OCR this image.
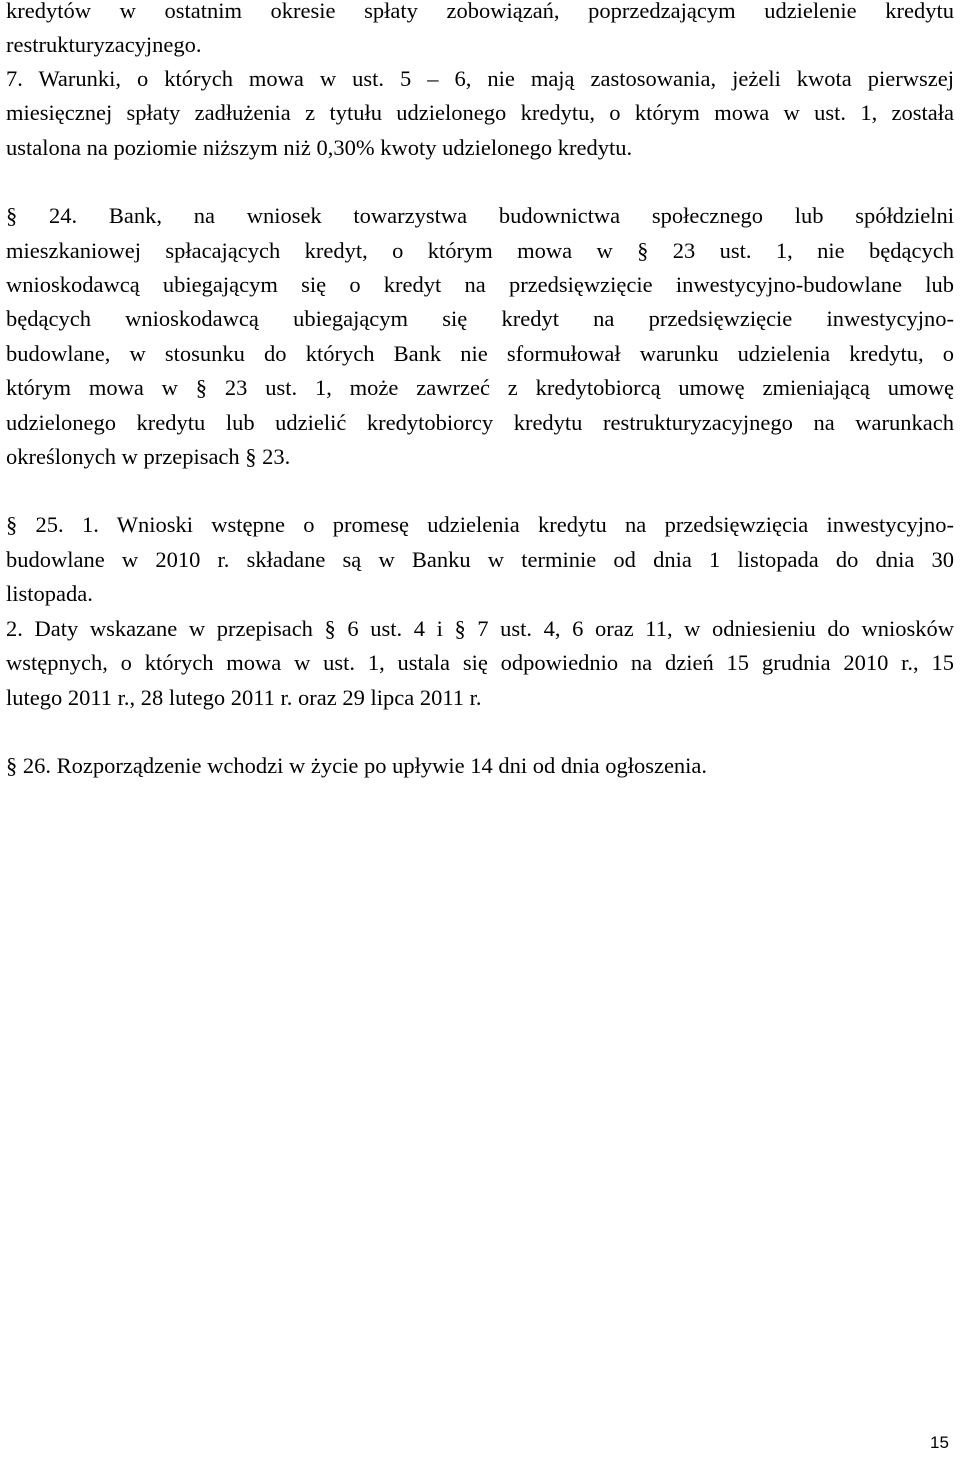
kredytów w ostatnim okresie spłaty zobowiązań, poprzedzającym udzielenie kredytu
restrukturyzacyjnego.
7. Warunki, o których mowa w ust. 5 – 6, nie mają zastosowania, jeżeli kwota pierwszej
miesięcznej spłaty zadłużenia z tytułu udzielonego kredytu, o którym mowa w ust. 1, została
ustalona na poziomie niższym niż 0,30% kwoty udzielonego kredytu.
§ 24. Bank, na wniosek towarzystwa budownictwa społecznego lub spółdzielni
mieszkaniowej spłacających kredyt, o którym mowa w § 23 ust. 1, nie będących
wnioskodawcą ubiegającym się o kredyt na przedsięwzięcie inwestycyjno-budowlane lub
będących wnioskodawcą ubiegającym się kredyt na przedsięwzięcie inwestycyjno-
budowlane, w stosunku do których Bank nie sformułował warunku udzielenia kredytu, o
którym mowa w § 23 ust. 1, może zawrzeć z kredytobiorcą umowę zmieniającą umowę
udzielonego kredytu lub udzielić kredytobiorcy kredytu restrukturyzacyjnego na warunkach
określonych w przepisach § 23.
§ 25. 1. Wnioski wstępne o promesę udzielenia kredytu na przedsięwzięcia inwestycyjno-
budowlane w 2010 r. składane są w Banku w terminie od dnia 1 listopada do dnia 30
listopada.
2. Daty wskazane w przepisach § 6 ust. 4 i § 7 ust. 4, 6 oraz 11, w odniesieniu do wniosków
wstępnych, o których mowa w ust. 1, ustala się odpowiednio na dzień 15 grudnia 2010 r., 15
lutego 2011 r., 28 lutego 2011 r. oraz 29 lipca 2011 r.
§ 26. Rozporządzenie wchodzi w życie po upływie 14 dni od dnia ogłoszenia.
15
